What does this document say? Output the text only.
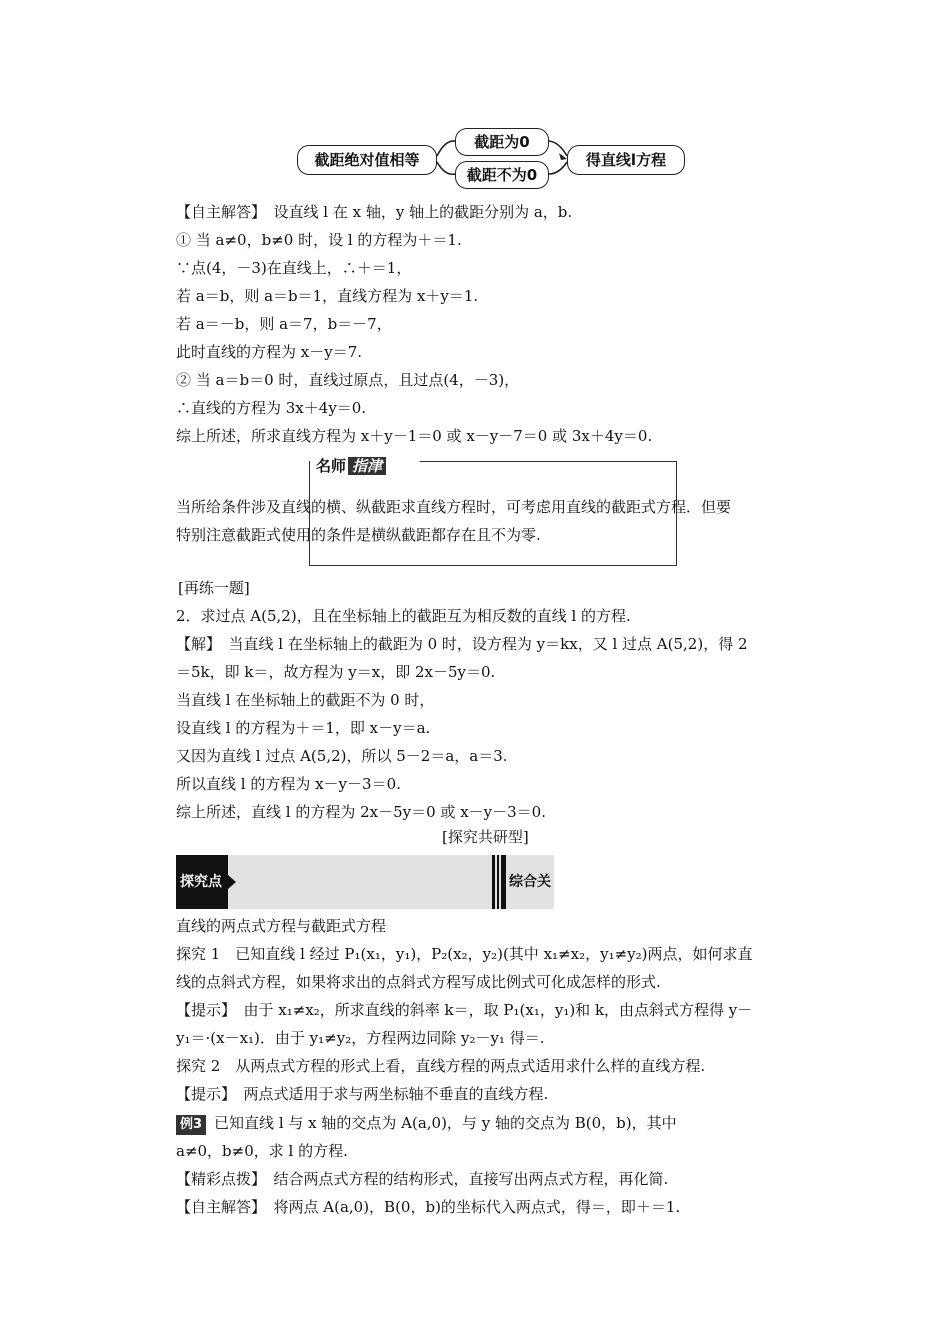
截距绝对值相等
截距为0
截距不为0
得直线l方程
【自主解答】　设直线 l 在 x 轴，y 轴上的截距分别为 a，b.
① 当 a≠0，b≠0 时，设 l 的方程为＋＝1.
∵点(4，－3)在直线上，∴＋＝1，
若 a＝b，则 a＝b＝1，直线方程为 x＋y＝1.
若 a＝－b，则 a＝7，b＝－7，
此时直线的方程为 x－y＝7.
② 当 a＝b＝0 时，直线过原点，且过点(4，－3)，
∴直线的方程为 3x＋4y＝0.
综上所述，所求直线方程为 x＋y－1＝0 或 x－y－7＝0 或 3x＋4y＝0.
名师 指津
当所给条件涉及直线的横、纵截距求直线方程时，可考虑用直线的截距式方程．但要
特别注意截距式使用的条件是横纵截距都存在且不为零.
[再练一题]
2．求过点 A(5,2)，且在坐标轴上的截距互为相反数的直线 l 的方程.
【解】　当直线 l 在坐标轴上的截距为 0 时，设方程为 y＝kx，又 l 过点 A(5,2)，得 2
＝5k，即 k＝，故方程为 y＝x，即 2x－5y＝0.
当直线 l 在坐标轴上的截距不为 0 时，
设直线 l 的方程为＋＝1，即 x－y＝a.
又因为直线 l 过点 A(5,2)，所以 5－2＝a，a＝3.
所以直线 l 的方程为 x－y－3＝0.
综上所述，直线 l 的方程为 2x－5y＝0 或 x－y－3＝0.
[探究共研型]
探究点	综合关
直线的两点式方程与截距式方程
探究 1　已知直线 l 经过 P₁(x₁，y₁)，P₂(x₂，y₂)(其中 x₁≠x₂，y₁≠y₂)两点，如何求直
线的点斜式方程，如果将求出的点斜式方程写成比例式可化成怎样的形式.
【提示】　由于 x₁≠x₂，所求直线的斜率 k＝，取 P₁(x₁，y₁)和 k，由点斜式方程得 y－
y₁＝·(x－x₁)．由于 y₁≠y₂，方程两边同除 y₂－y₁ 得＝.
探究 2　从两点式方程的形式上看，直线方程的两点式适用求什么样的直线方程.
【提示】　两点式适用于求与两坐标轴不垂直的直线方程.
例3 已知直线 l 与 x 轴的交点为 A(a,0)，与 y 轴的交点为 B(0，b)，其中
a≠0，b≠0，求 l 的方程.
【精彩点拨】　结合两点式方程的结构形式，直接写出两点式方程，再化简.
【自主解答】　将两点 A(a,0)，B(0，b)的坐标代入两点式，得＝，即＋＝1.
